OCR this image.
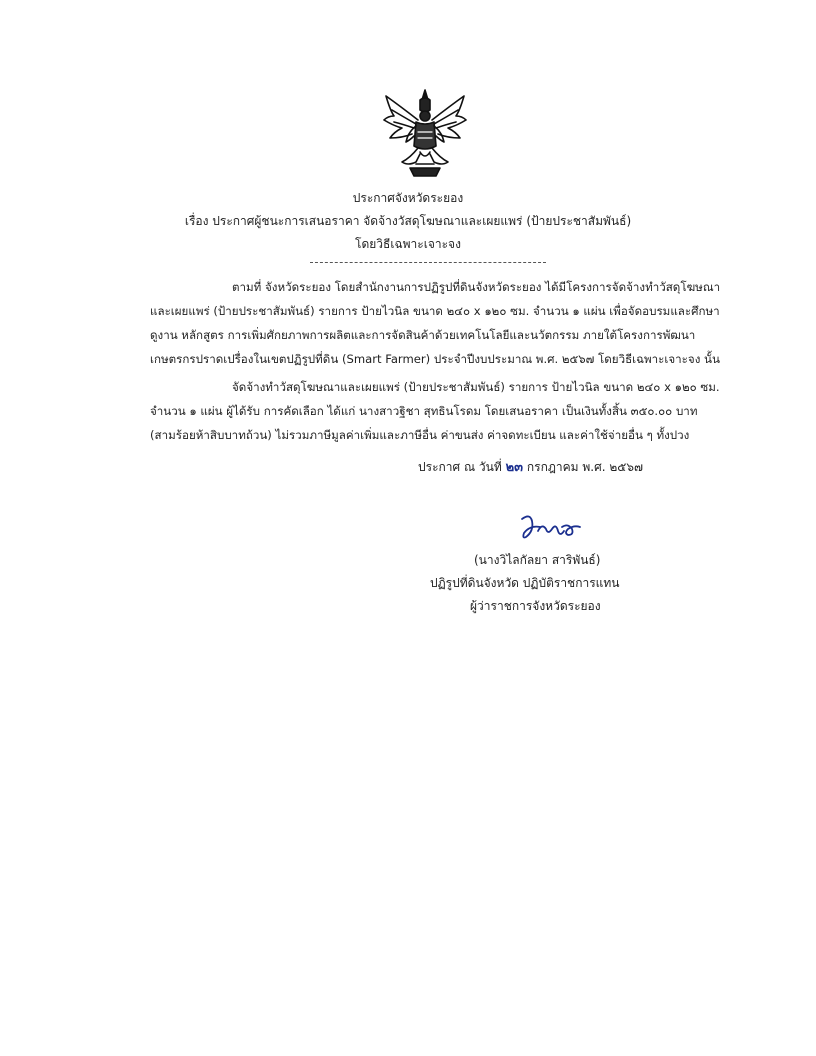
ประกาศจังหวัดระยอง
เรื่อง ประกาศผู้ชนะการเสนอราคา จัดจ้างวัสดุโฆษณาและเผยแพร่ (ป้ายประชาสัมพันธ์)
โดยวิธีเฉพาะเจาะจง
ตามที่ จังหวัดระยอง โดยสำนักงานการปฏิรูปที่ดินจังหวัดระยอง ได้มีโครงการจัดจ้างทำวัสดุโฆษณา
และเผยแพร่ (ป้ายประชาสัมพันธ์) รายการ ป้ายไวนิล ขนาด ๒๔๐ x ๑๒๐ ซม. จำนวน ๑ แผ่น เพื่อจัดอบรมและศึกษา
ดูงาน หลักสูตร การเพิ่มศักยภาพการผลิตและการจัดสินค้าด้วยเทคโนโลยีและนวัตกรรม ภายใต้โครงการพัฒนา
เกษตรกรปราดเปรื่องในเขตปฏิรูปที่ดิน (Smart Farmer) ประจำปีงบประมาณ พ.ศ. ๒๕๖๗ โดยวิธีเฉพาะเจาะจง นั้น
จัดจ้างทำวัสดุโฆษณาและเผยแพร่ (ป้ายประชาสัมพันธ์) รายการ ป้ายไวนิล ขนาด ๒๔๐ x ๑๒๐ ซม.
จำนวน ๑ แผ่น ผู้ได้รับ การคัดเลือก ได้แก่ นางสาวฐิชา สุทธินโรดม โดยเสนอราคา เป็นเงินทั้งสิ้น ๓๕๐.๐๐ บาท
(สามร้อยห้าสิบบาทถ้วน) ไม่รวมภาษีมูลค่าเพิ่มและภาษีอื่น ค่าขนส่ง ค่าจดทะเบียน และค่าใช้จ่ายอื่น ๆ ทั้งปวง
ประกาศ ณ วันที่ ๒๓ กรกฎาคม พ.ศ. ๒๕๖๗
(นางวิไลกัลยา สาริพันธ์)
ปฏิรูปที่ดินจังหวัด ปฏิบัติราชการแทน
ผู้ว่าราชการจังหวัดระยอง
